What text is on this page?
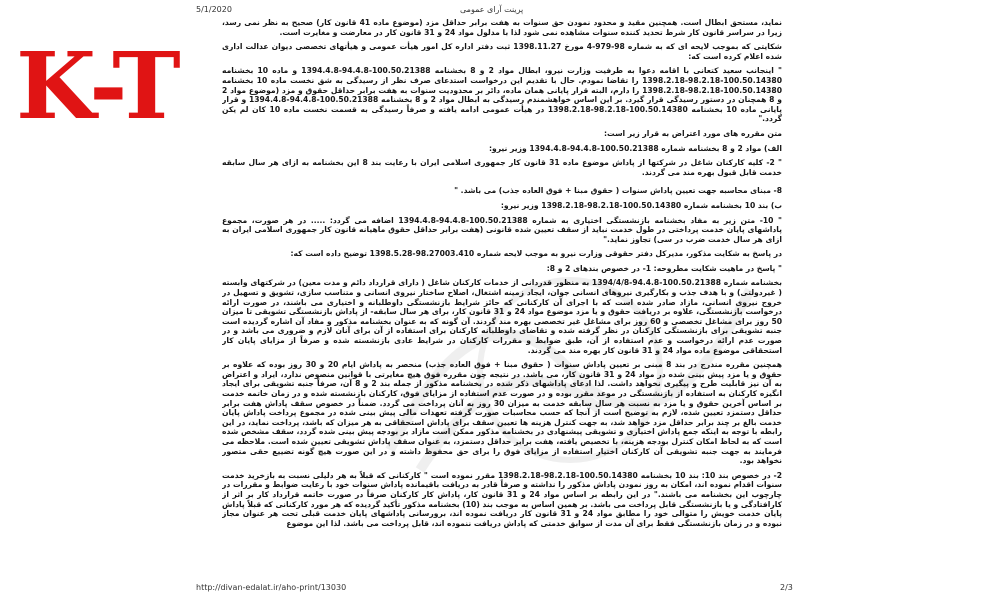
5/1/2020	پرینت آرای عمومی
K-T

نماید، مستحق ابطال است. همچنین مقید و محدود نمودن حق سنوات به هفت برابر حداقل مزد (موضوع ماده 41 قانون کار) صحیح به نظر نمی رسد، زیرا در سراسر قانون کار شرط تحدید کننده سنوات مشاهده نمی شود لذا با مدلول مواد 24 و 31 قانون کار در معارضت و مغایرت است.

شکایتی که بموجب لایحه ای که به شماره 98-979-4 مورخ 1398.11.27 ثبت دفتر اداره کل امور هیأت عمومی و هیأتهای تخصصی دیوان عدالت اداری شده اعلام کرده است که:

" اینجانب سعید کتعانی با اقامه دعوا به طرفیت وزارت نیرو، ابطال مواد 2 و 8 بخشنامه 100.50.21388-94.4.8-1394.4.8 و ماده 10 بخشنامه 100.50.14380-98.2.18-1398.2.18 را تقاضا نمودم. حال با تقدیم این درخواست استدعای صرف نظر از رسیدگی به شق نخست ماده 10 بخشنامه 100.50.14380-98.2.18-1398.2.18 را دارم، البته قرار پایانی همان ماده، دائر بر محدودیت سنوات به هفت برابر حداقل حقوق و مزد (موضوع مواد 2 و 8 همچنان در دستور رسیدگی قرار گیرد. بر این اساس خواهشمندم رسیدگی به ابطال مواد 2 و 8 بخشنامه 100.50.21388-94.4.8-1394.4.8 و قرار پایانی ماده 10 بخشنامه 100.50.14380-98.2.18-1398.2.18 در هیأت عمومی ادامه یافته و صرفاً رسیدگی به قسمت نخست ماده 10 کان لم یکن گردد."

متن مقرره های مورد اعتراض به قرار زیر است:

الف) مواد 2 و 8 بخشنامه شماره 100.50.21388-94.4.8-1394.4.8 وزیر نیرو:

" 2- کلیه کارکنان شاغل در شرکتها از پاداش موضوع ماده 31 قانون کار جمهوری اسلامی ایران با رعایت بند 8 این بخشنامه به ازای هر سال سابقه خدمت قابل قبول بهره مند می گردند.

8- مبنای محاسبه جهت تعیین پاداش سنوات ( حقوق مبنا + فوق العاده جذب) می باشد. "

ب) بند 10 بخشنامه شماره 100.50.14380-98.2.18-1398.2.18 وزیر نیرو:

" 10- متن زیر به مفاد بخشنامه بازنشستگی اختیاری به شماره 100.50.21388-94.4.8-1394.4.8 اضافه می گردد: ..... در هر صورت، مجموع پاداشهای پایان خدمت پرداختی در طول خدمت نباید از سقف تعیین شده قانونی (هفت برابر حداقل حقوق ماهیانه قانون کار جمهوری اسلامی ایران به ازای هر سال خدمت ضرب در سی) تجاوز نماید."

در پاسخ به شکایت مذکور، مدیرکل دفتر حقوقی وزارت نیرو به موجب لایحه شماره 98.27003.410-1398.5.28 توضیح داده است که:

" پاسخ در ماهیت شکایت مطروحه: 1- در خصوص بندهای 2 و 8:

بخشنامه شماره 100.50.21388-94.4.8-1394/4/8 به منظور قدردانی از خدمات کارکنان شاغل ( دارای قرارداد دائم و مدت معین) در شرکتهای وابسته ( غیردولتی) و با هدف جذب و بکارگیری نیروهای انسانی جوان، ایجاد زمینه اشتغال، اصلاح ساختار نیروی انسانی و متناسب سازی، تشویق و تسهیل در خروج نیروی انسانی، مازاد صادر شده است که با اجرای آن کارکنانی که حائز شرایط بازنشستگی داوطلبانه و اختیاری می باشند، در صورت ارائه درخواست بازنشستگی، علاوه بر دریافت حقوق و یا مزد موضوع مواد 24 و 31 قانون کار، برای هر سال سابقه- از پاداش بازنشستگی تشویقی تا میزان 50 روز برای مشاغل تخصصی و 60 روز برای مشاغل غیر تخصصی بهره مند گردند. آن گونه که به عنوان بخشنامه مذکور و مفاد آن اشاره گردیده است جنبه تشویقی برای بازنشستگی کارکنان در نظر گرفته شده و تقاضای داوطلبانه کارکنان برای استفاده از آن برای آنان لازم و ضروری می باشد و در صورت عدم ارائه درخواست و عدم استفاده از آن، طبق ضوابط و مقررات کارکنان در شرایط عادی بازنشسته شده و صرفاً از مزایای پایان کار استحقاقی موضوع ماده مواد 24 و 31 قانون کار بهره مند می گردند.

همچنین مقرره مندرج در بند 8 مبنی بر تعیین پاداش سنوات ( حقوق مبنا + فوق العاده جذب) منحصر به پاداش ایام 20 و 30 روز بوده که علاوه بر حقوق و یا مزد پیش بینی شده در مواد 24 و 31 قانون کار، می باشد. در نتیجه چون مقرره فوق هیچ مغایرتی با قوانین منصوص ندارد، ایراد و اعتراض به آن نیز قابلیت طرح و پیگیری نخواهد داشت. لذا ادعای پاداشهای ذکر شده در بخشنامه مذکور از جمله بند 2 و 8 آن، صرفاً جنبه تشویقی برای ایجاد انگیزه کارکنان به استفاده از بازنشستگی در موعد مقرر بوده و در صورت عدم استفاده از مزایای فوق، کارکنان بازنشسته شده و در زمان خاتمه خدمت بر اساس آخرین حقوق و یا مزد به نسبت هر سال سابقه خدمت به میزان 30 روز به آنان پرداخت می گردد. ضمناً در خصوص سقف پاداش هفت برابر حداقل دستمزد تعیین شده، لازم به توضیح است از آنجا که حسب محاسبات صورت گرفته تعهدات مالی پیش بینی شده در مجموع پرداخت پاداش پایان خدمت بالغ بر چند برابر حداقل مزد خواهد شد، به جهت کنترل هزینه ها تعیین سقف برای پاداش استحقاقی به هر میزان که باشد، پرداخت نماید، در این رابطه با توجه به اینکه جمع پاداش اختیاری و تشویقی پیشنهادی در بخشنامه مذکور ممکن است مازاد بر بودجه پیش بینی شده گردد، سقف مشخص شده است که به لحاظ امکان کنترل بودجه هزینه، با تخصیص یافته، هفت برابر حداقل دستمزد، به عنوان سقف پاداش تشویقی تعیین شده است. ملاحظه می فرمایند به جهت جنبه تشویقی آن کارکنان اختیار استفاده از مزایای فوق را برای حق محفوظ داشته و در این صورت هیچ گونه تضییع حقی متصور نخواهد بود.

2- در خصوص بند 10: بند 10 بخشنامه 100.50.14380-98.2.18-1398.2.18 مقرر نموده است " کارکنانی که قبلاً به هر دلیلی نسبت به بازخرید خدمت سنوات اقدام نموده اند، امکان به روز نمودن پاداش مذکور را نداشته و صرفاً قادر به دریافت باقیمانده پاداش سنوات خود با رعایت ضوابط و مقررات در چارچوب این بخشنامه می باشند." در این رابطه بر اساس مواد 24 و 31 قانون کار، پاداش کار کارکنان صرفاً در صورت خاتمه قرارداد کار بر اثر از کارافتادگی و یا بازنشستگی قابل پرداخت می باشد. بر همین اساس به موجب بند (10) بخشنامه مذکور تأکید گردیده که هر مورد کارکنانی که قبلاً پاداش پایان خدمت خویش را متوالی خود را مطابق مواد 24 و 31 قانون کار دریافت نموده اند، برورسانی پاداشهای پایان خدمت قبلی تحت هر عنوان مجاز نبوده و در زمان بازنشستگی فقط برای آن مدت از سوابق خدمتی که پاداش دریافت ننموده اند، قابل پرداخت می باشد. لذا این موضوع

http://divan-edalat.ir/aho-print/13030	2/3
